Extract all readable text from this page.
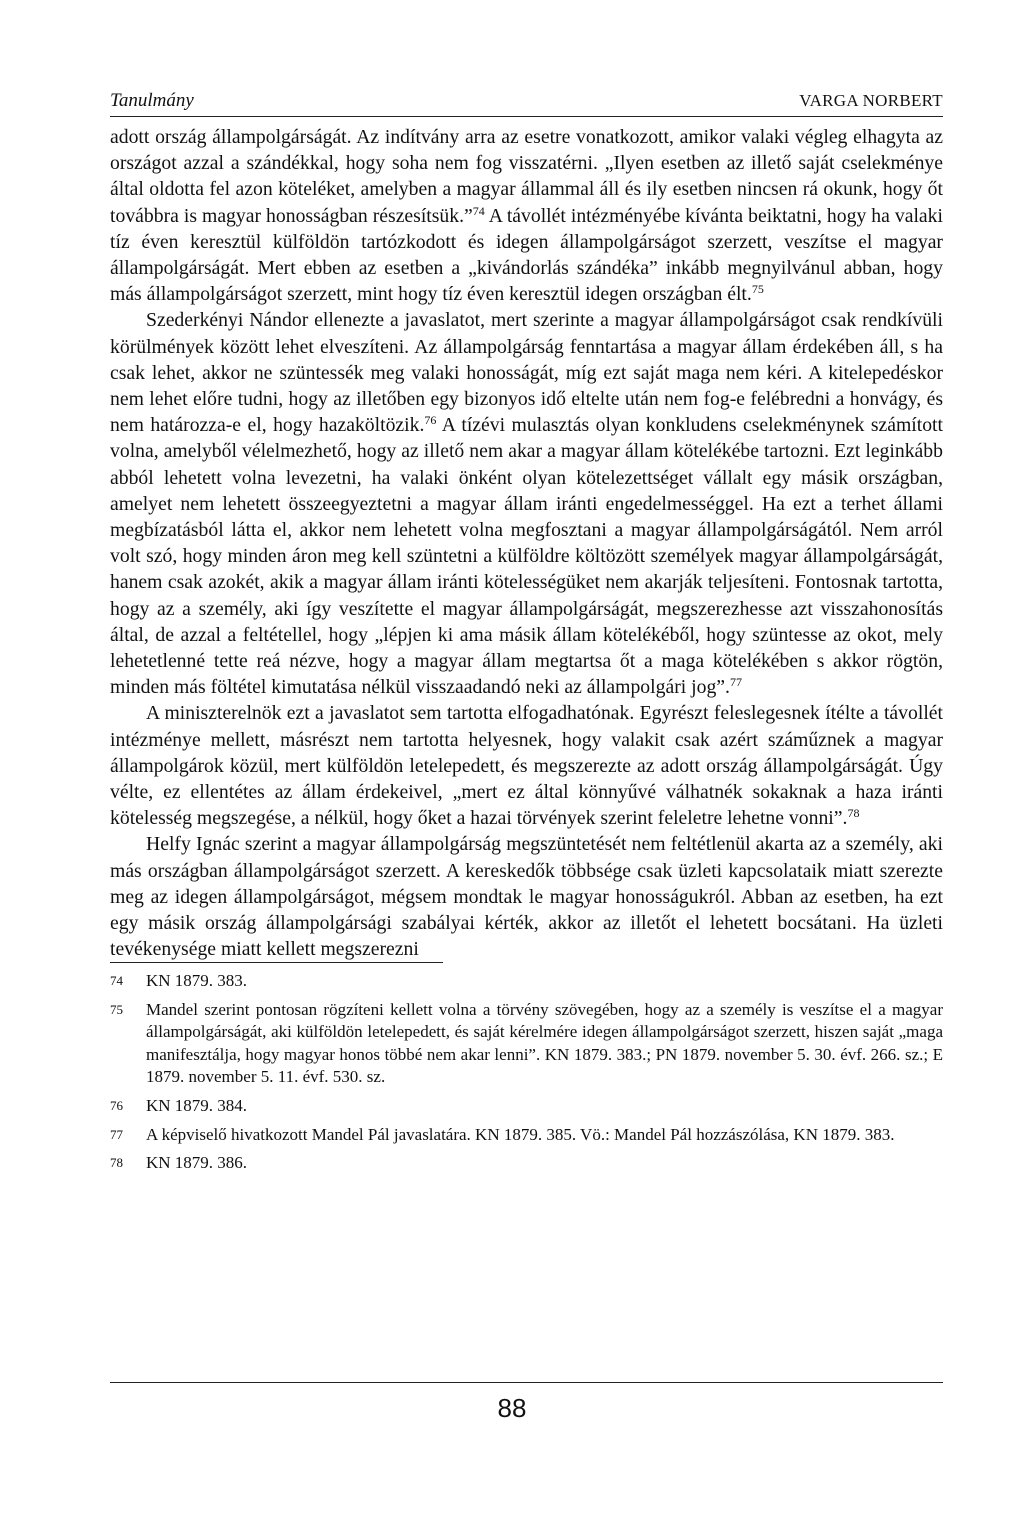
Tanulmány	VARGA NORBERT

adott ország állampolgárságát. Az indítvány arra az esetre vonatkozott, amikor valaki végleg elhagyta az országot azzal a szándékkal, hogy soha nem fog visszatérni. „Ilyen esetben az illető saját cselekménye által oldotta fel azon köteléket, amelyben a magyar állammal áll és ily esetben nincsen rá okunk, hogy őt továbbra is magyar honosságban részesítsük.”$^{74}$ A távollét intézményébe kívánta beiktatni, hogy ha valaki tíz éven keresztül külföldön tartózkodott és idegen állampolgárságot szerzett, veszítse el magyar állampolgárságát. Mert ebben az esetben a „kivándorlás szándéka” inkább megnyilvánul abban, hogy más állampolgárságot szerzett, mint hogy tíz éven keresztül idegen országban élt.$^{75}$

Szederkényi Nándor ellenezte a javaslatot, mert szerinte a magyar állampolgárságot csak rendkívüli körülmények között lehet elveszíteni. Az állampolgárság fenntartása a magyar állam érdekében áll, s ha csak lehet, akkor ne szüntessék meg valaki honosságát, míg ezt saját maga nem kéri. A kitelepedéskor nem lehet előre tudni, hogy az illetőben egy bizonyos idő eltelte után nem fog-e felébredni a honvágy, és nem határozza-e el, hogy hazaköltözik.$^{76}$ A tízévi mulasztás olyan konkludens cselekménynek számított volna, amelyből vélelmezhető, hogy az illető nem akar a magyar állam kötelékébe tartozni. Ezt leginkább abból lehetett volna levezetni, ha valaki önként olyan kötelezettséget vállalt egy másik országban, amelyet nem lehetett összeegyeztetni a magyar állam iránti engedelmességgel. Ha ezt a terhet állami megbízatásból látta el, akkor nem lehetett volna megfosztani a magyar állampolgárságától. Nem arról volt szó, hogy minden áron meg kell szüntetni a külföldre költözött személyek magyar állampolgárságát, hanem csak azokét, akik a magyar állam iránti kötelességüket nem akarják teljesíteni. Fontosnak tartotta, hogy az a személy, aki így veszítette el magyar állampolgárságát, megszerezhesse azt visszahonosítás által, de azzal a feltétellel, hogy „lépjen ki ama másik állam kötelékéből, hogy szüntesse az okot, mely lehetetlenné tette reá nézve, hogy a magyar állam megtartsa őt a maga kötelékében s akkor rögtön, minden más föltétel kimutatása nélkül visszaadandó neki az állampolgári jog”.$^{77}$

A miniszterelnök ezt a javaslatot sem tartotta elfogadhatónak. Egyrészt feleslegesnek ítélte a távollét intézménye mellett, másrészt nem tartotta helyesnek, hogy valakit csak azért száműznek a magyar állampolgárok közül, mert külföldön letelepedett, és megszerezte az adott ország állampolgárságát. Úgy vélte, ez ellentétes az állam érdekeivel, „mert ez által könnyűvé válhatnék sokaknak a haza iránti kötelesség megszegése, a nélkül, hogy őket a hazai törvények szerint feleletre lehetne vonni”.$^{78}$

Helfy Ignác szerint a magyar állampolgárság megszüntetését nem feltétlenül akarta az a személy, aki más országban állampolgárságot szerzett. A kereskedők többsége csak üzleti kapcsolataik miatt szerezte meg az idegen állampolgárságot, mégsem mondtak le magyar honosságukról. Abban az esetben, ha ezt egy másik ország állampolgársági szabályai kérték, akkor az illetőt el lehetett bocsátani. Ha üzleti tevékenysége miatt kellett megszerezni

74 KN 1879. 383.
75 Mandel szerint pontosan rögzíteni kellett volna a törvény szövegében, hogy az a személy is veszítse el a magyar állampolgárságát, aki külföldön letelepedett, és saját kérelmére idegen állampolgárságot szerzett, hiszen saját „maga manifesztálja, hogy magyar honos többé nem akar lenni”. KN 1879. 383.; PN 1879. november 5. 30. évf. 266. sz.; E 1879. november 5. 11. évf. 530. sz.
76 KN 1879. 384.
77 A képviselő hivatkozott Mandel Pál javaslatára. KN 1879. 385. Vö.: Mandel Pál hozzászólása, KN 1879. 383.
78 KN 1879. 386.
88
